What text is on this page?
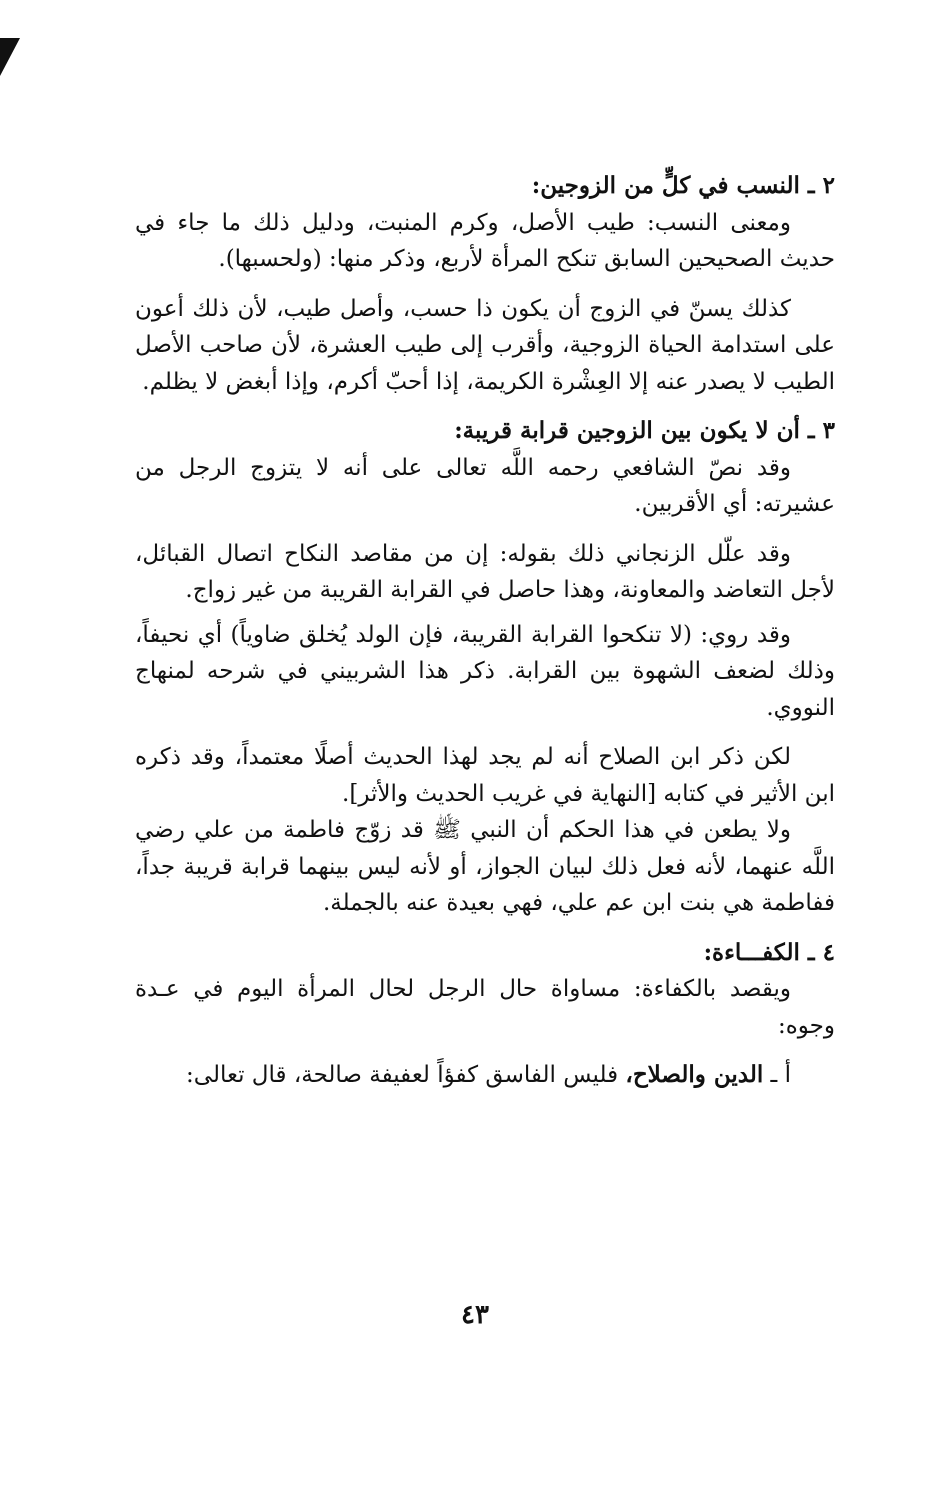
٢ ـ النسب في كلٍّ من الزوجين:

ومعنى النسب: طيب الأصل، وكرم المنبت، ودليل ذلك ما جاء في حديث الصحيحين السابق تنكح المرأة لأربع، وذكر منها: (ولحسبها).

كذلك يسنّ في الزوج أن يكون ذا حسب، وأصل طيب، لأن ذلك أعون على استدامة الحياة الزوجية، وأقرب إلى طيب العشرة، لأن صاحب الأصل الطيب لا يصدر عنه إلا العِشْرة الكريمة، إذا أحبّ أكرم، وإذا أبغض لا يظلم.

٣ ـ أن لا يكون بين الزوجين قرابة قريبة:

وقد نصّ الشافعي رحمه اللَّه تعالى على أنه لا يتزوج الرجل من عشيرته: أي الأقربين.

وقد علّل الزنجاني ذلك بقوله: إن من مقاصد النكاح اتصال القبائل، لأجل التعاضد والمعاونة، وهذا حاصل في القرابة القريبة من غير زواج.

وقد روي: (لا تنكحوا القرابة القريبة، فإن الولد يُخلق ضاوياً) أي نحيفاً، وذلك لضعف الشهوة بين القرابة. ذكر هذا الشربيني في شرحه لمنهاج النووي.

لكن ذكر ابن الصلاح أنه لم يجد لهذا الحديث أصلًا معتمداً، وقد ذكره ابن الأثير في كتابه [النهاية في غريب الحديث والأثر].

ولا يطعن في هذا الحكم أن النبي ﷺ قد زوّج فاطمة من علي رضي اللَّه عنهما، لأنه فعل ذلك لبيان الجواز، أو لأنه ليس بينهما قرابة قريبة جداً، ففاطمة هي بنت ابن عم علي، فهي بعيدة عنه بالجملة.

٤ ـ الكفـــاءة:

ويقصد بالكفاءة: مساواة حال الرجل لحال المرأة اليوم في عـدة وجوه:

أ ـ الدين والصلاح، فليس الفاسق كفؤاً لعفيفة صالحة، قال تعالى:

٤٣
